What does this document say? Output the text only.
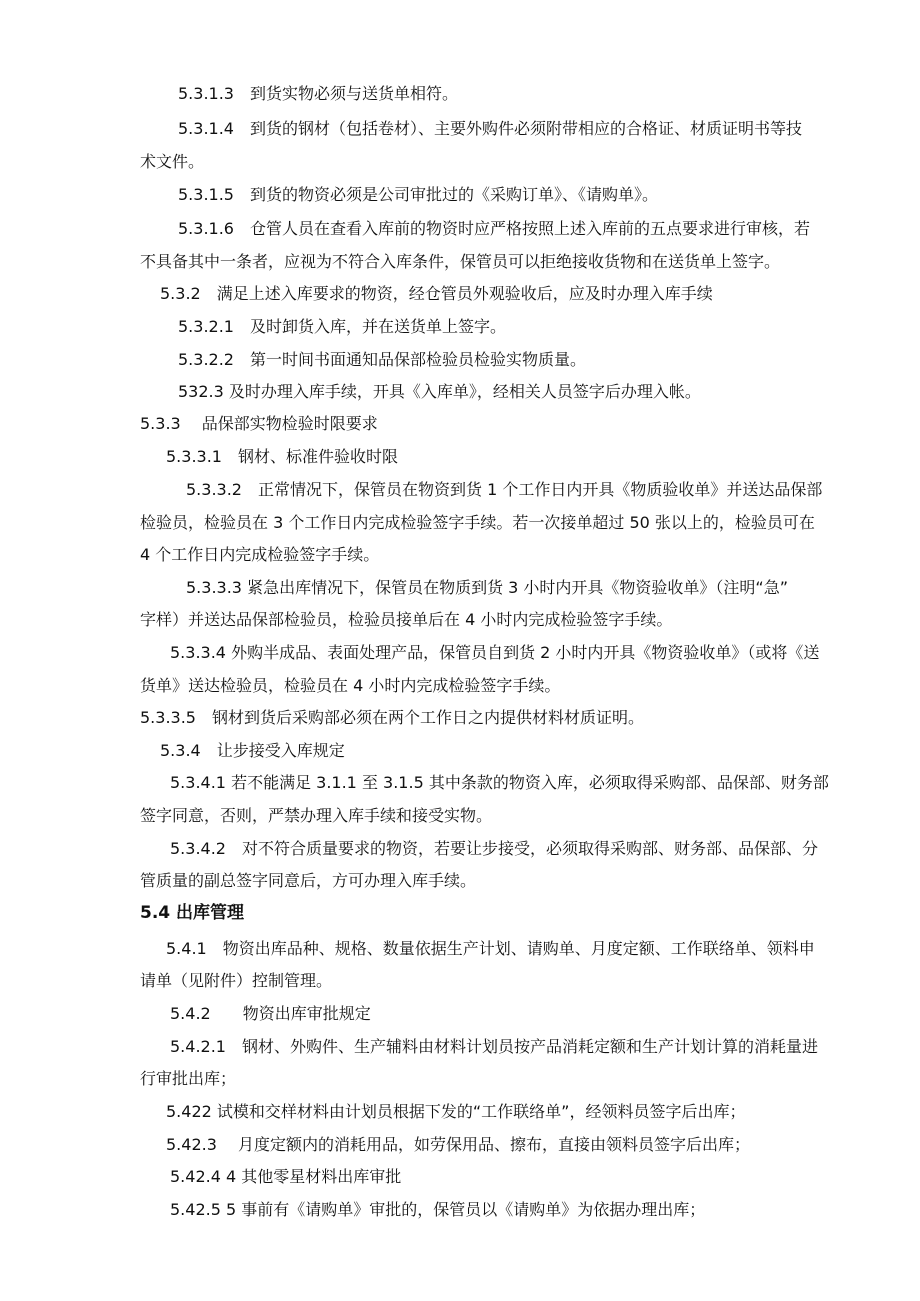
5.3.1.3　到货实物必须与送货单相符。
5.3.1.4　到货的钢材（包括卷材）、主要外购件必须附带相应的合格证、材质证明书等技
术文件。
5.3.1.5　到货的物资必须是公司审批过的《采购订单》、《请购单》。
5.3.1.6　仓管人员在查看入库前的物资时应严格按照上述入库前的五点要求进行审核，若
不具备其中一条者，应视为不符合入库条件，保管员可以拒绝接收货物和在送货单上签字。
5.3.2　满足上述入库要求的物资，经仓管员外观验收后，应及时办理入库手续
5.3.2.1　及时卸货入库，并在送货单上签字。
5.3.2.2　第一时间书面通知品保部检验员检验实物质量。
532.3 及时办理入库手续，开具《入库单》，经相关人员签字后办理入帐。
5.3.3　 品保部实物检验时限要求
5.3.3.1　钢材、标准件验收时限
5.3.3.2　正常情况下，保管员在物资到货 1 个工作日内开具《物质验收单》并送达品保部
检验员，检验员在 3 个工作日内完成检验签字手续。若一次接单超过 50 张以上的，检验员可在
4 个工作日内完成检验签字手续。
5.3.3.3 紧急出库情况下，保管员在物质到货 3 小时内开具《物资验收单》（注明“急”
字样）并送达品保部检验员，检验员接单后在 4 小时内完成检验签字手续。
5.3.3.4 外购半成品、表面处理产品，保管员自到货 2 小时内开具《物资验收单》（或将《送
货单》送达检验员，检验员在 4 小时内完成检验签字手续。
5.3.3.5　钢材到货后采购部必须在两个工作日之内提供材料材质证明。
5.3.4　让步接受入库规定
5.3.4.1 若不能满足 3.1.1 至 3.1.5 其中条款的物资入库，必须取得采购部、品保部、财务部
签字同意，否则，严禁办理入库手续和接受实物。
5.3.4.2　对不符合质量要求的物资，若要让步接受，必须取得采购部、财务部、品保部、分
管质量的副总签字同意后，方可办理入库手续。
5.4 出库管理
5.4.1　物资出库品种、规格、数量依据生产计划、请购单、月度定额、工作联络单、领料申
请单（见附件）控制管理。
5.4.2　　物资出库审批规定
5.4.2.1　钢材、外购件、生产辅料由材料计划员按产品消耗定额和生产计划计算的消耗量进
行审批出库；
5.422 试模和交样材料由计划员根据下发的“工作联络单”，经领料员签字后出库；
5.42.3　 月度定额内的消耗用品，如劳保用品、擦布，直接由领料员签字后出库；
5.42.4 4 其他零星材料出库审批
5.42.5 5 事前有《请购单》审批的，保管员以《请购单》为依据办理出库；
